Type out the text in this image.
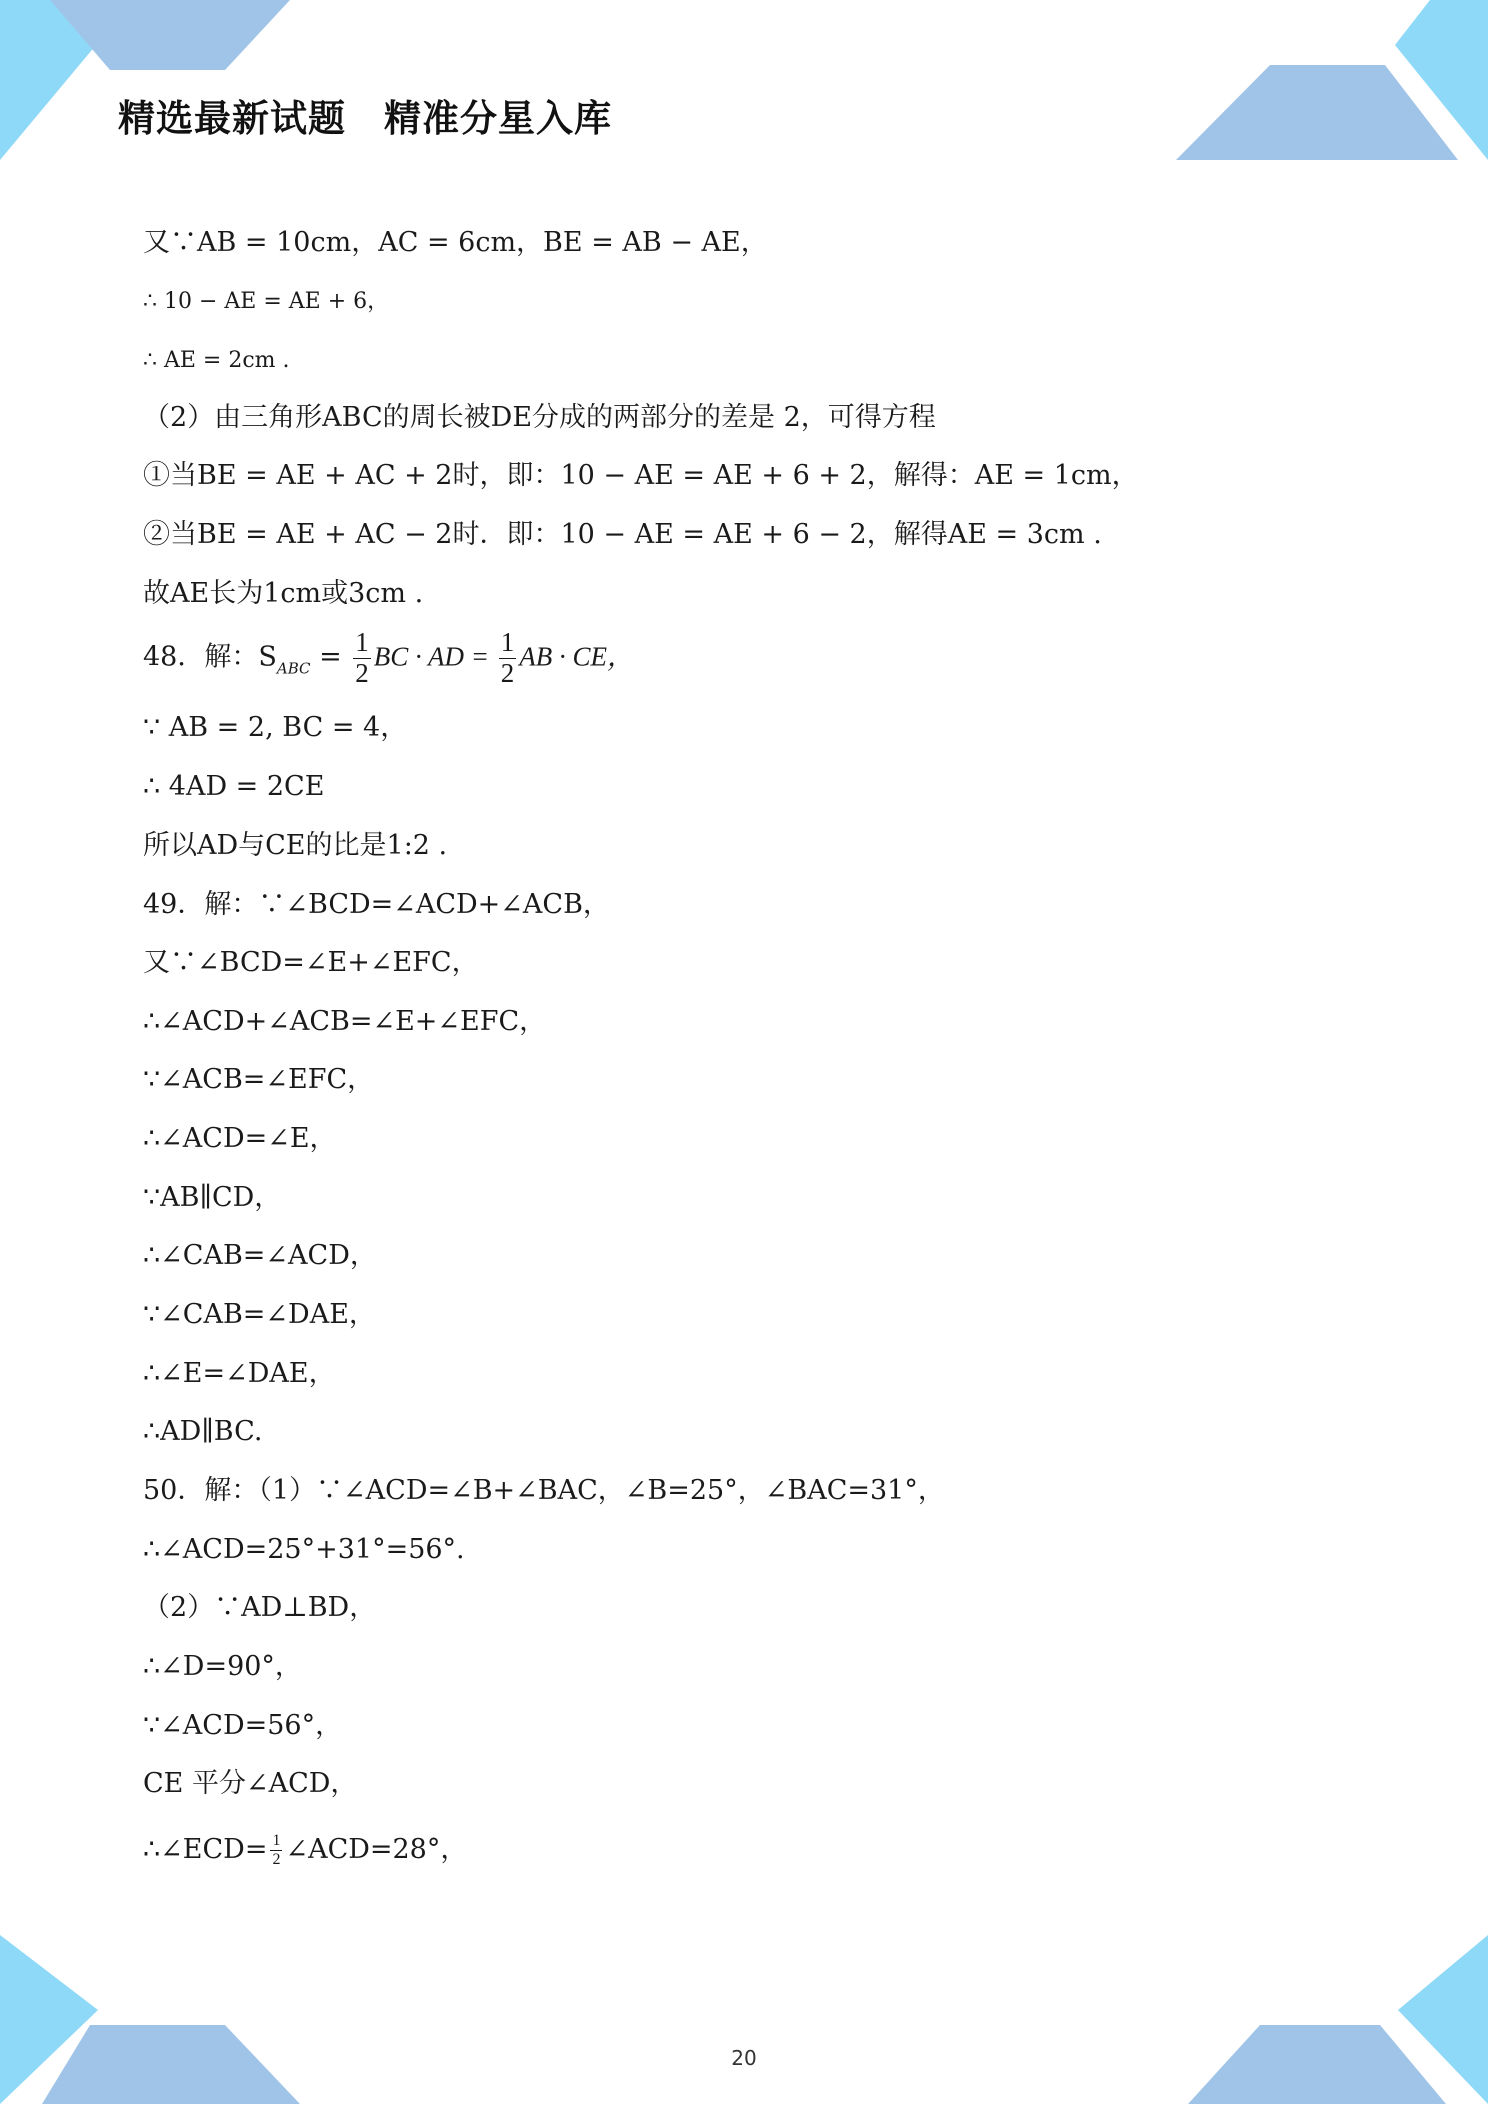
精选最新试题　精准分星入库
又∵AB = 10cm，AC = 6cm，BE = AB − AE，
∴ 10 − AE = AE + 6，
∴ AE = 2cm .
（2）由三角形ABC的周长被DE分成的两部分的差是 2，可得方程
①当BE = AE + AC + 2时，即：10 − AE = AE + 6 + 2，解得：AE = 1cm，
②当BE = AE + AC − 2时．即：10 − AE = AE + 6 − 2，解得AE = 3cm .
故AE长为1cm或3cm .
48．解：$S_{ABC} = \frac{1}{2}$ BC · AD = $\frac{1}{2}$ AB · CE，
∵ AB = 2, BC = 4，
∴ 4AD = 2CE
所以AD与CE的比是1:2 .
49．解：∵∠BCD=∠ACD+∠ACB，
又∵∠BCD=∠E+∠EFC，
∴∠ACD+∠ACB=∠E+∠EFC，
∵∠ACB=∠EFC，
∴∠ACD=∠E，
∵AB∥CD，
∴∠CAB=∠ACD，
∵∠CAB=∠DAE，
∴∠E=∠DAE，
∴AD∥BC.
50．解：（1）∵∠ACD=∠B+∠BAC，∠B=25°，∠BAC=31°，
∴∠ACD=25°+31°=56°.
（2）∵AD⊥BD，
∴∠D=90°，
∵∠ACD=56°，
CE 平分∠ACD，
∴∠ECD= $\frac{1}{2}$ ∠ACD=28°，
20
